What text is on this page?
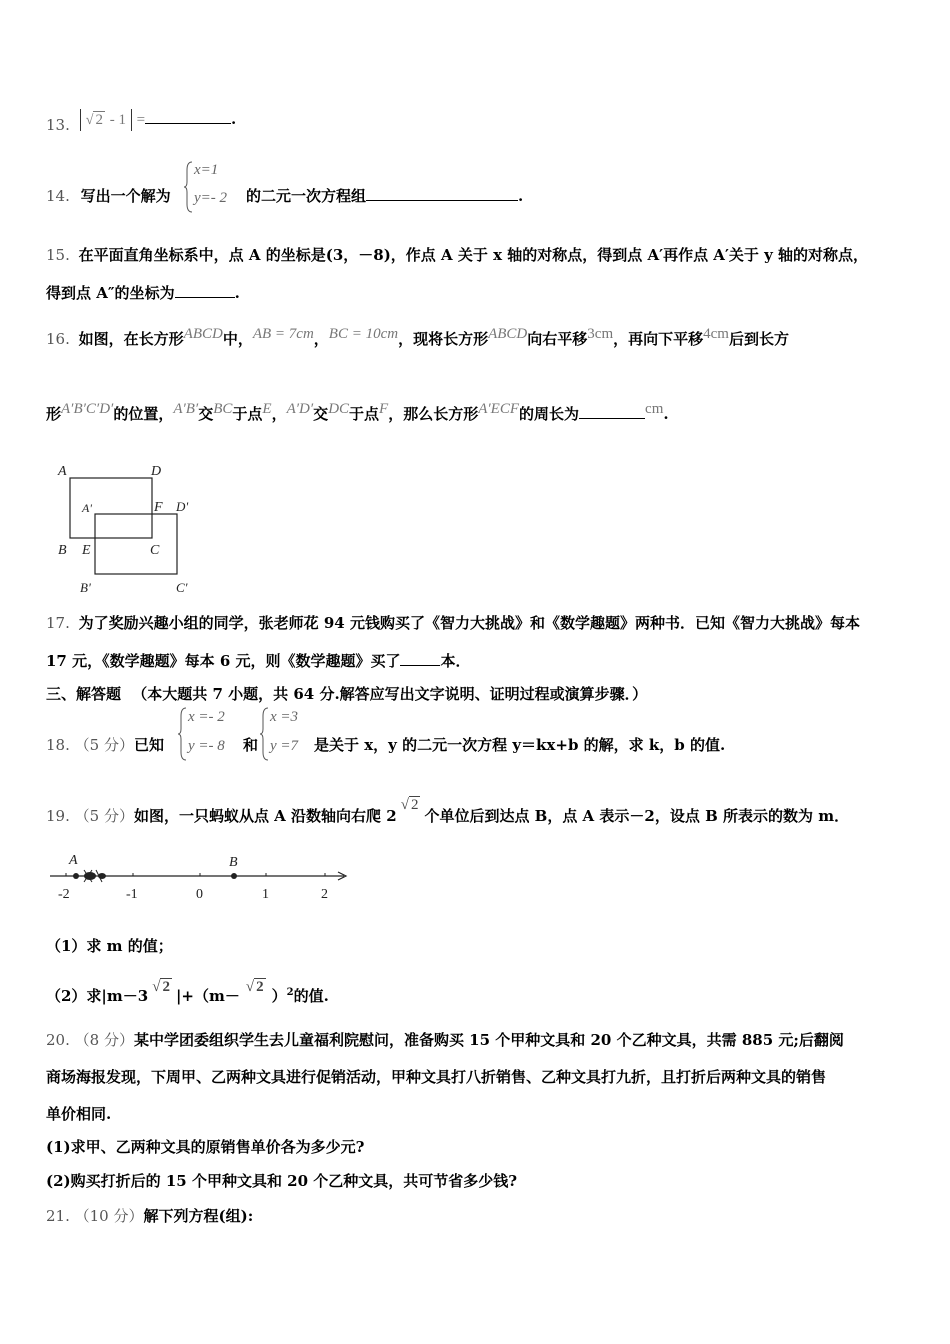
13.	√ 2 - 1 =	.
14. 写出一个解为
x=1
y=- 2 的二元一次方程组	.
15. 在平面直角坐标系中，点 A 的坐标是(3，－8)，作点 A 关于 x 轴的对称点，得到点 A′再作点 A′关于 y 轴的对称点，
得到点 A″的坐标为	.
16. 如图，在长方形ABCD中，AB = 7cm，BC = 10cm，现将长方形ABCD向右平移3cm，再向下平移4cm后到长方
形A′B′C′D′的位置，A′B′交BC于点E，A′D′交DC于点F，那么长方形A′ECF的周长为	cm.
A	D
A'	F D'
B E	C
B'	C'
17. 为了奖励兴趣小组的同学，张老师花 94 元钱购买了《智力大挑战》和《数学趣题》两种书．已知《智力大挑战》每本
17 元，《数学趣题》每本 6 元，则《数学趣题》买了	本．
三、解答题 （本大题共 7 小题，共 64 分.解答应写出文字说明、证明过程或演算步骤．）
18. （5 分）已知
x =- 2
y =- 8 和
x =3
y =7 是关于 x，y 的二元一次方程 y＝kx+b 的解，求 k，b 的值.
19. （5 分）如图，一只蚂蚁从点 A 沿数轴向右爬 2√ 2个单位后到达点 B，点 A 表示－2，设点 B 所表示的数为 m．
A	B
-2	-1	0	1	2
（1）求 m 的值；
（2）求|m－3 √ 2 |+（m－ √ 2 ）$^2$的值.
20. （8 分）某中学团委组织学生去儿童福利院慰问，准备购买 15 个甲种文具和 20 个乙种文具，共需 885 元;后翻阅
商场海报发现，下周甲、乙两种文具进行促销活动，甲种文具打八折销售、乙种文具打九折，且打折后两种文具的销售
单价相同.
(1)求甲、乙两种文具的原销售单价各为多少元?
(2)购买打折后的 15 个甲种文具和 20 个乙种文具，共可节省多少钱?
21. （10 分）解下列方程(组):
